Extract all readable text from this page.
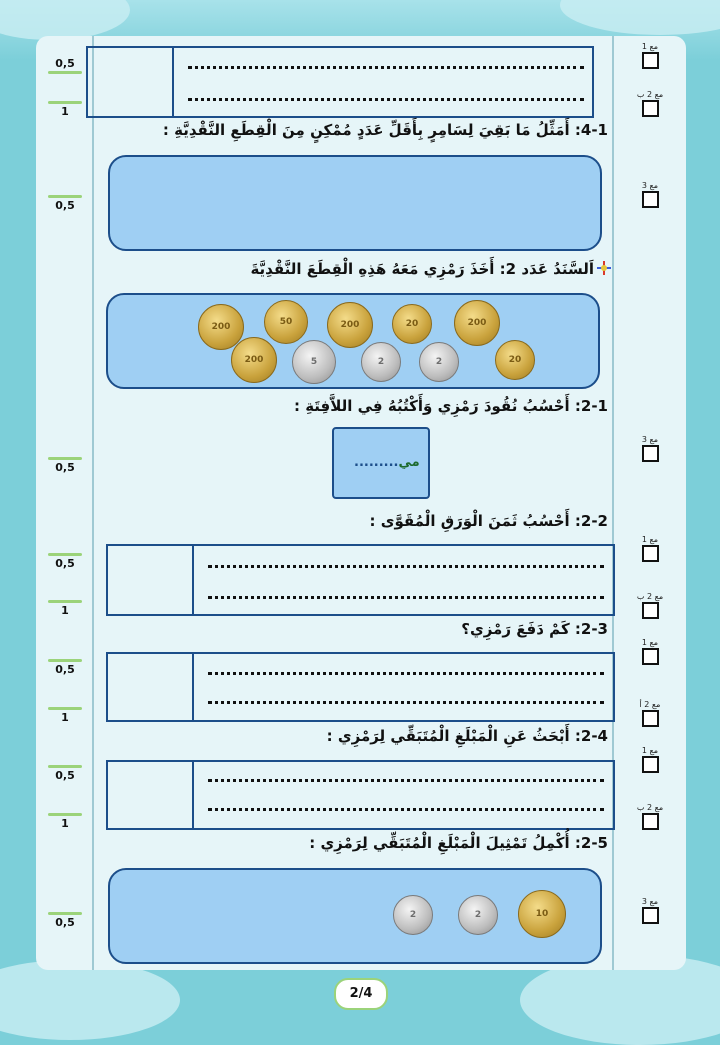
0,5
1
0,5
0,5
0,5
1
0,5
1
0,5
1
0,5
مع 1
مع 2 ب
مع 3
مع 3
مع 1
مع 2 ب
مع 1
مع 2 أ
مع 1
مع 2 ب
مع 3
4-1: أَمَثِّلُ مَا بَقِيَ لِسَامِرٍ بِأَقَلِّ عَدَدٍ مُمْكِنٍ مِنَ الْقِطَعِ النَّقْدِيَّةِ :
اَلسَّنَدُ عَدَد 2: أَخَذَ رَمْزِي مَعَهُ هَذِهِ الْقِطَعَ النَّقْدِيَّةَ
200	50	200	20	200
200	5	2	2	20
2-1: أَحْسُبُ نُقُودَ رَمْزِي وَأَكْتُبُهُ فِي اللاَّفِتَةِ :
.........مي
2-2: أَحْسُبُ ثَمَنَ الْوَرَقِ الْمُقَوَّى :
2-3: كَمْ دَفَعَ رَمْزِي؟
2-4: أَبْحَثُ عَنِ الْمَبْلَغِ الْمُتَبَقِّي لِرَمْزِي :
2-5: أُكْمِلُ تَمْثِيلَ الْمَبْلَغِ الْمُتَبَقِّي لِرَمْزِي :
2	2	10
2/4
